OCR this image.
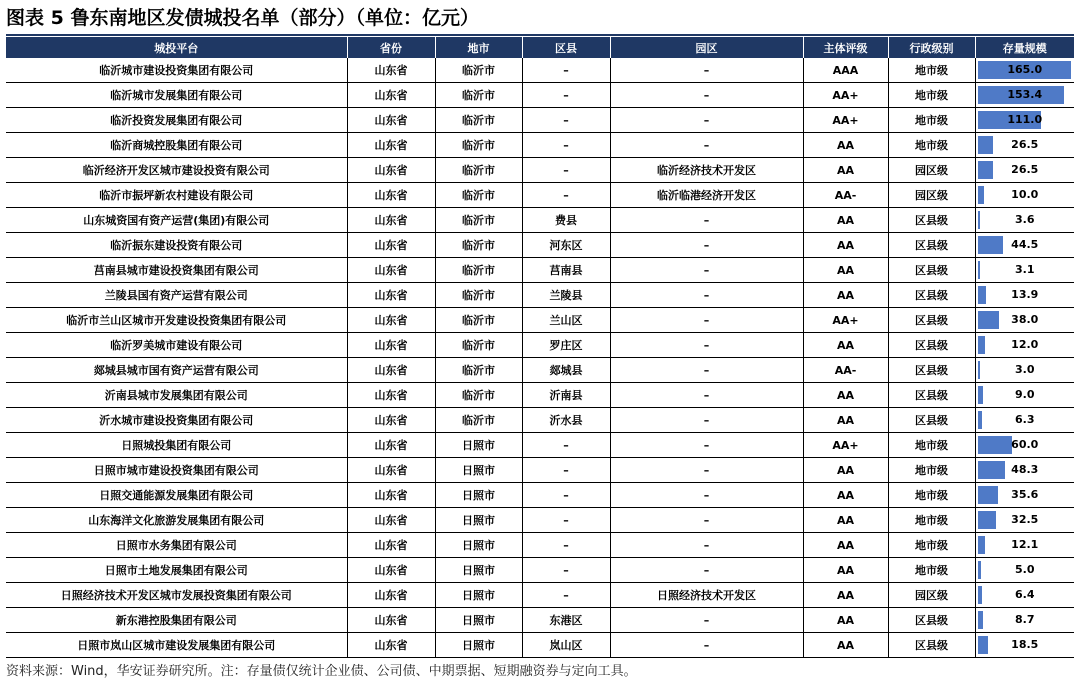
图表 5 鲁东南地区发债城投名单（部分）（单位：亿元）
城投平台	省份	地市	区县	园区	主体评级	行政级别	存量规模
临沂城市建设投资集团有限公司	山东省	临沂市	–	–	AAA	地市级	165.0

临沂城市发展集团有限公司	山东省	临沂市	–	–	AA+	地市级	153.4

临沂投资发展集团有限公司	山东省	临沂市	–	–	AA+	地市级	111.0

临沂商城控股集团有限公司	山东省	临沂市	–	–	AA	地市级	26.5

临沂经济开发区城市建设投资有限公司	山东省	临沂市	–	临沂经济技术开发区	AA	园区级	26.5

临沂市振坪新农村建设有限公司	山东省	临沂市	–	临沂临港经济开发区	AA-	园区级	10.0

山东城资国有资产运营(集团)有限公司	山东省	临沂市	费县	–	AA	区县级	3.6

临沂振东建设投资有限公司	山东省	临沂市	河东区	–	AA	区县级	44.5

莒南县城市建设投资集团有限公司	山东省	临沂市	莒南县	–	AA	区县级	3.1

兰陵县国有资产运营有限公司	山东省	临沂市	兰陵县	–	AA	区县级	13.9

临沂市兰山区城市开发建设投资集团有限公司	山东省	临沂市	兰山区	–	AA+	区县级	38.0

临沂罗美城市建设有限公司	山东省	临沂市	罗庄区	–	AA	区县级	12.0

郯城县城市国有资产运营有限公司	山东省	临沂市	郯城县	–	AA-	区县级	3.0

沂南县城市发展集团有限公司	山东省	临沂市	沂南县	–	AA	区县级	9.0

沂水城市建设投资集团有限公司	山东省	临沂市	沂水县	–	AA	区县级	6.3

日照城投集团有限公司	山东省	日照市	–	–	AA+	地市级	60.0

日照市城市建设投资集团有限公司	山东省	日照市	–	–	AA	地市级	48.3

日照交通能源发展集团有限公司	山东省	日照市	–	–	AA	地市级	35.6

山东海洋文化旅游发展集团有限公司	山东省	日照市	–	–	AA	地市级	32.5

日照市水务集团有限公司	山东省	日照市	–	–	AA	地市级	12.1

日照市土地发展集团有限公司	山东省	日照市	–	–	AA	地市级	5.0

日照经济技术开发区城市发展投资集团有限公司	山东省	日照市	–	日照经济技术开发区	AA	园区级	6.4

新东港控股集团有限公司	山东省	日照市	东港区	–	AA	区县级	8.7

日照市岚山区城市建设发展集团有限公司	山东省	日照市	岚山区	–	AA	区县级	18.5
资料来源：Wind，华安证券研究所。注：存量债仅统计企业债、公司债、中期票据、短期融资券与定向工具。
